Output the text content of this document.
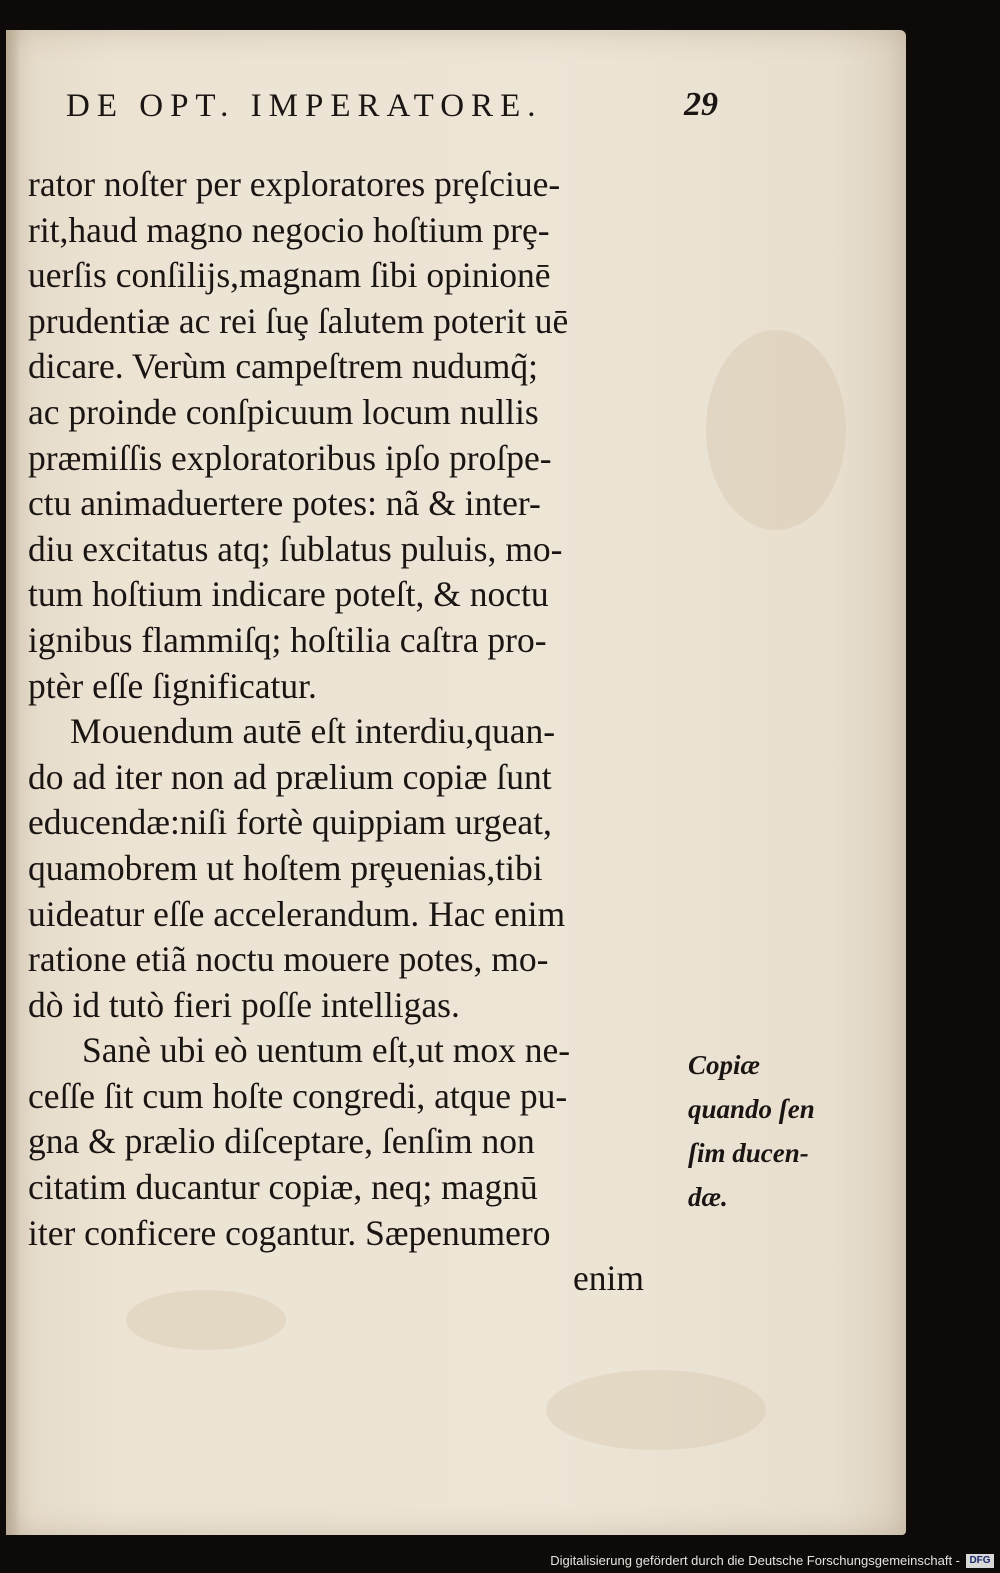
DE OPT. IMPERATORE.	29
rator noſter per exploratores prȩſciue-
rit,haud magno negocio hoſtium prȩ-
uerſis conſilijs,magnam ſibi opinionē
prudentiæ ac rei ſuȩ ſalutem poterit uē
dicare. Verùm campeſtrem nudumq̃;
ac proinde conſpicuum locum nullis
præmiſſis exploratoribus ipſo proſpe-
ctu animaduertere potes: nã & inter-
diu excitatus atq; ſublatus puluis, mo-
tum hoſtium indicare poteſt, & noctu
ignibus flammiſq; hoſtilia caſtra pro-
ptèr eſſe ſignificatur.
Mouendum autē eſt interdiu,quan-
do ad iter non ad prælium copiæ ſunt
educendæ:niſi fortè quippiam urgeat,
quamobrem ut hoſtem prȩuenias,tibi
uideatur eſſe accelerandum. Hac enim
ratione etiã noctu mouere potes, mo-
dò id tutò fieri poſſe intelligas.
Sanè ubi eò uentum eſt,ut mox ne-
ceſſe ſit cum hoſte congredi, atque pu-
gna & prælio diſceptare, ſenſim non
citatim ducantur copiæ, neq; magnū
iter conficere cogantur. Sæpenumero
enim
Copiæ
quando ſen
ſim ducen-
dæ.
Digitalisierung gefördert durch die Deutsche Forschungsgemeinschaft - DFG
